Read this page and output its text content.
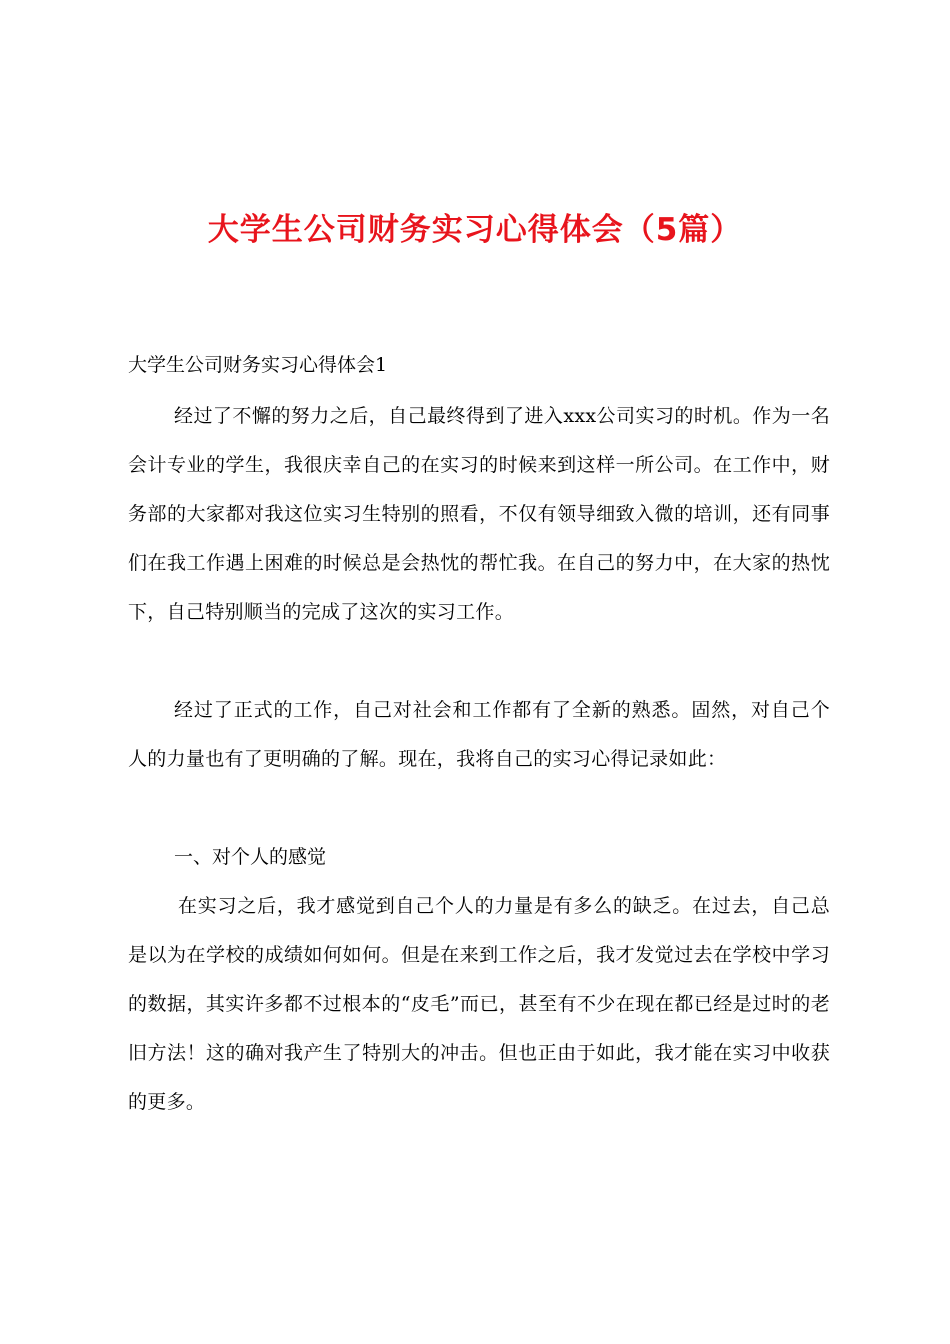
大学生公司财务实习心得体会（5篇）
大学生公司财务实习心得体会1
经过了不懈的努力之后，自己最终得到了进入xxx公司实习的时机。作为一名会计专业的学生，我很庆幸自己的在实习的时候来到这样一所公司。在工作中，财务部的大家都对我这位实习生特别的照看，不仅有领导细致入微的培训，还有同事们在我工作遇上困难的时候总是会热忱的帮忙我。在自己的努力中，在大家的热忱下，自己特别顺当的完成了这次的实习工作。
经过了正式的工作，自己对社会和工作都有了全新的熟悉。固然，对自己个人的力量也有了更明确的了解。现在，我将自己的实习心得记录如此：
一、对个人的感觉
在实习之后，我才感觉到自己个人的力量是有多么的缺乏。在过去，自己总是以为在学校的成绩如何如何。但是在来到工作之后，我才发觉过去在学校中学习的数据，其实许多都不过根本的“皮毛”而已，甚至有不少在现在都已经是过时的老旧方法！这的确对我产生了特别大的冲击。但也正由于如此，我才能在实习中收获的更多。
